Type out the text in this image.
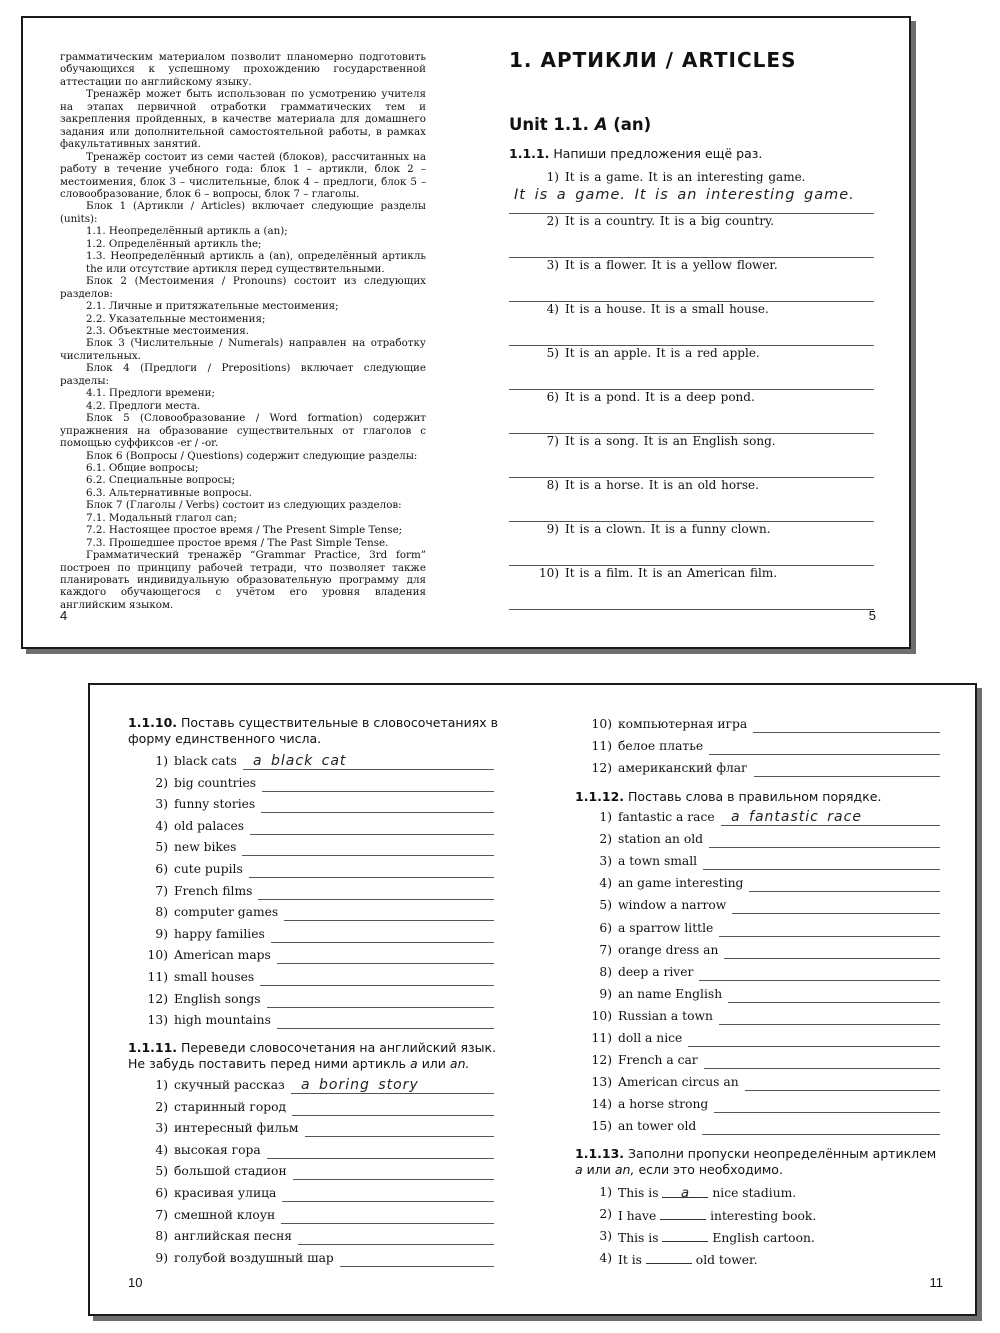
грамматическим материалом позволит планомерно подготовить обучающихся к успешному прохождению государственной аттестации по английскому языку.
Тренажёр может быть использован по усмотрению учителя на этапах первичной отработки грамматических тем и закрепления пройденных, в качестве материала для домашнего задания или дополнительной самостоятельной работы, в рамках факультативных занятий.
Тренажёр состоит из семи частей (блоков), рассчитанных на работу в течение учебного года: блок 1 – артикли, блок 2 – местоимения, блок 3 – числительные, блок 4 – предлоги, блок 5 – словообразование, блок 6 – вопросы, блок 7 – глаголы.
Блок 1 (Артикли / Articles) включает следующие разделы (units):
1.1. Неопределённый артикль a (an);
1.2. Определённый артикль the;
1.3. Неопределённый артикль a (an), определённый артикль the или отсутствие артикля перед существительными.
Блок 2 (Местоимения / Pronouns) состоит из следующих разделов:
2.1. Личные и притяжательные местоимения;
2.2. Указательные местоимения;
2.3. Объектные местоимения.
Блок 3 (Числительные / Numerals) направлен на отработку числительных.
Блок 4 (Предлоги / Prepositions) включает следующие разделы:
4.1. Предлоги времени;
4.2. Предлоги места.
Блок 5 (Словообразование / Word formation) содержит упражнения на образование существительных от глаголов с помощью суффиксов -er / -or.
Блок 6 (Вопросы / Questions) содержит следующие разделы:
6.1. Общие вопросы;
6.2. Специальные вопросы;
6.3. Альтернативные вопросы.
Блок 7 (Глаголы / Verbs) состоит из следующих разделов:
7.1. Модальный глагол can;
7.2. Настоящее простое время / The Present Simple Tense;
7.3. Прошедшее простое время / The Past Simple Tense.
Грамматический тренажёр “Grammar Practice, 3rd form” построен по принципу рабочей тетради, что позволяет также планировать индивидуальную образовательную программу для каждого обучающегося с учётом его уровня владения английским языком.
4
1. АРТИКЛИ / ARTICLES
Unit 1.1. A (an)
1.1.1. Напиши предложения ещё раз.
1) It is a game. It is an interesting game.
2) It is a country. It is a big country.
3) It is a flower. It is a yellow flower.
4) It is a house. It is a small house.
5) It is an apple. It is a red apple.
6) It is a pond. It is a deep pond.
7) It is a song. It is an English song.
8) It is a horse. It is an old horse.
9) It is a clown. It is a funny clown.
10) It is a film. It is an American film.
It is a game. It is an interesting game.
5
1.1.10. Поставь существительные в словосочетаниях в форму единственного числа.
1) black cats a black cat
2) big countries
3) funny stories
4) old palaces
5) new bikes
6) cute pupils
7) French films
8) computer games
9) happy families
10) American maps
11) small houses
12) English songs
13) high mountains
1.1.11. Переведи словосочетания на английский язык. Не забудь поставить перед ними артикль a или an.
1) скучный рассказ a boring story
2) старинный город
3) интересный фильм
4) высокая гора
5) большой стадион
6) красивая улица
7) смешной клоун
8) английская песня
9) голубой воздушный шар
10
10) компьютерная игра
11) белое платье
12) американский флаг
1.1.12. Поставь слова в правильном порядке.
1) fantastic a race a fantastic race
2) station an old
3) a town small
4) an game interesting
5) window a narrow
6) a sparrow little
7) orange dress an
8) deep a river
9) an name English
10) Russian a town
11) doll a nice
12) French a car
13) American circus an
14) a horse strong
15) an tower old
1.1.13. Заполни пропуски неопределённым артиклем a или an, если это необходимо.
1) This is a nice stadium.
2) I have	interesting book.
3) This is	English cartoon.
4) It is	old tower.
11
